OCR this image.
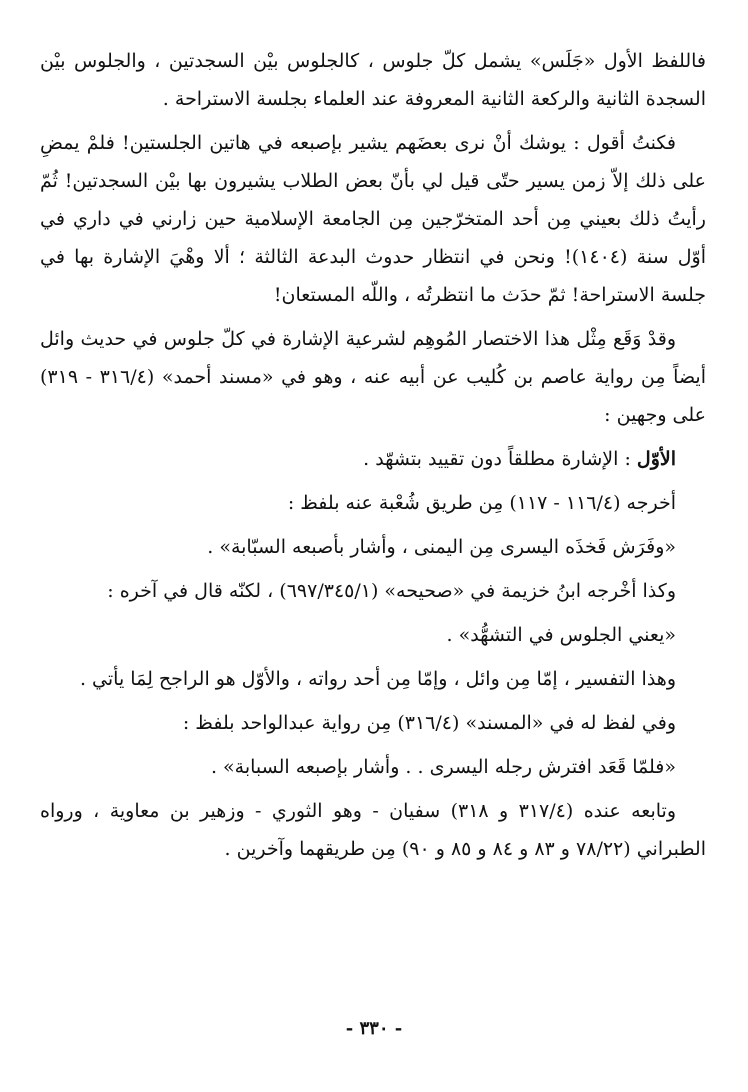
فاللفظ الأول «جَلَس» يشمل كلّ جلوس ، كالجلوس بيْن السجدتين ، والجلوس بيْن السجدة الثانية والركعة الثانية المعروفة عند العلماء بجلسة الاستراحة .

فكنتُ أقول : يوشك أنْ نرى بعضَهم يشير بإصبعه في هاتين الجلستين! فلمْ يمضِ على ذلك إلاّ زمن يسير حتّى قيل لي بأنّ بعض الطلاب يشيرون بها بيْن السجدتين! ثُمّ رأيتُ ذلك بعيني مِن أحد المتخرّجين مِن الجامعة الإسلامية حين زارني في داري في أوّل سنة (١٤٠٤)! ونحن في انتظار حدوث البدعة الثالثة ؛ ألا وهْيَ الإشارة بها في جلسة الاستراحة! ثمّ حدَث ما انتظرتُه ، واللّه المستعان!

وقدْ وَقَع مِثْل هذا الاختصار المُوهِم لشرعية الإشارة في كلّ جلوس في حديث وائل أيضاً مِن رواية عاصم بن كُليب عن أبيه عنه ، وهو في «مسند أحمد» (٣١٦/٤ - ٣١٩) على وجهين :

الأوّل : الإشارة مطلقاً دون تقييد بتشهّد .

أخرجه (١١٦/٤ - ١١٧) مِن طريق شُعْبة عنه بلفظ :

«وفَرَش فَخذَه اليسرى مِن اليمنى ، وأشار بأصبعه السبّابة» .

وكذا أخْرجه ابنُ خزيمة في «صحيحه» (٦٩٧/٣٤٥/١) ، لكنّه قال في آخره :

«يعني الجلوس في التشهُّد» .

وهذا التفسير ، إمّا مِن وائل ، وإمّا مِن أحد رواته ، والأوّل هو الراجح لِمَا يأتي .

وفي لفظ له في «المسند» (٣١٦/٤) مِن رواية عبدالواحد بلفظ :

«فلمّا قَعَد افترش رجله اليسرى . . وأشار بإصبعه السبابة» .

وتابعه عنده (٣١٧/٤ و ٣١٨) سفيان - وهو الثوري - وزهير بن معاوية ، ورواه الطبراني (٧٨/٢٢ و ٨٣ و ٨٤ و ٨٥ و ٩٠) مِن طريقهما وآخرين .

- ٣٣٠ -
